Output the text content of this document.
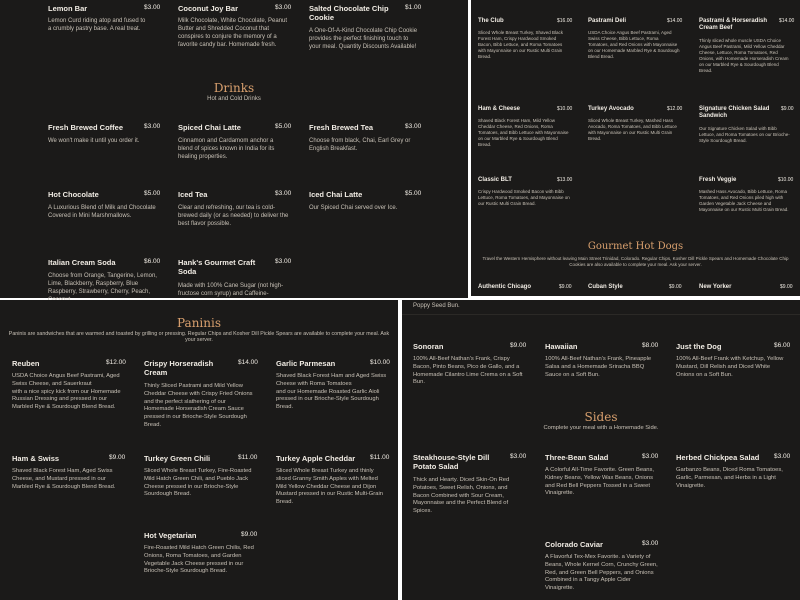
Drinks
Hot and Cold Drinks
Lemon Bar	$3.00
Lemon Curd riding atop and fused to a crumbly pastry base. A real treat.
Coconut Joy Bar	$3.00
Milk Chocolate, White Chocolate, Peanut Butter and Shredded Coconut that conspires to conjure the memory of a favorite candy bar. Homemade fresh.
Salted Chocolate Chip Cookie
$1.00
A One-Of-A-Kind Chocolate Chip Cookie provides the perfect finishing touch to your meal. Quantity Discounts Available!
Fresh Brewed Coffee	$3.00
We won't make it until you order it.
Spiced Chai Latte	$5.00
Cinnamon and Cardamom anchor a blend of spices known in India for its healing properties.
Fresh Brewed Tea	$3.00
Choose from black, Chai, Earl Grey or English Breakfast.
Hot Chocolate	$5.00
A Luxurious Blend of Milk and Chocolate Covered in Mini Marshmallows.
Iced Tea	$3.00
Clear and refreshing, our tea is cold-brewed daily (or as needed) to deliver the best flavor possible.
Iced Chai Latte	$5.00
Our Spiced Chai served over Ice.
Italian Cream Soda	$6.00
Choose from Orange, Tangerine, Lemon, Lime, Blackberry, Raspberry, Blue Raspberry, Strawberry, Cherry, Peach,
Hank's Gourmet Craft Soda
$3.00
Made with 100% Cane Sugar (not high-fructose corn syrup) and Caffeine-
Gourmet Hot Dogs
Travel the Western Hemisphere without leaving Main Street Trinidad, Colorado. Regular Chips, Kosher Dill Pickle Spears and Homemade Chocolate Chip Cookies are also available to complete your meal. Ask your server.
The Club	$16.00
Sliced Whole Breast Turkey, Shaved Black Forest Ham, Crispy Hardwood Smoked Bacon, Bibb Lettuce, and Roma Tomatoes with Mayonnaise on our Rustic Multi Grain Bread.
Pastrami Deli	$14.00
USDA Choice Angus Beef Pastrami, Aged Swiss Cheese, Bibb Lettuce, Roma Tomatoes, and Red Onions with Mayonnaise on our Homemade Marbled Rye & Sourdough Blend Bread.
Pastrami & Horseradish Cream Beef
$14.00
Thinly sliced whole muscle USDA Choice Angus Beef Pastrami, Mild Yellow Cheddar Cheese, Lettuce, Roma Tomatoes, Red Onions, with Homemade Horseradish Cream on our Marbled Rye & Sourdough Blend Bread.
Ham & Cheese	$10.00
Shaved Black Forest Ham, Mild Yellow Cheddar Cheese, Red Onions, Roma Tomatoes, and Bibb Lettuce with Mayonnaise on our Marbled Rye & Sourdough Blend Bread.
Turkey Avocado	$12.00
Sliced Whole Breast Turkey, Mashed Hass Avocado, Roma Tomatoes, and Bibb Lettuce with Mayonnaise on our Rustic Multi Grain Bread.
Signature Chicken Salad Sandwich
$9.00
Our Signature Chicken Salad with Bibb Lettuce, and Roma Tomatoes on our Brioche-Style Sourdough Bread.
Classic BLT	$13.00
Crispy Hardwood Smoked Bacon with Bibb Lettuce, Roma Tomatoes, and Mayonnaise on our Rustic Multi Grain Bread.
Fresh Veggie	$10.00
Mashed Hass Avocado, Bibb Lettuce, Roma Tomatoes, and Red Onions piled high with Garden Vegetable Jack Cheese and Mayonnaise on our Rustic Multi Grain Bread.
Authentic Chicago	$9.00	Cuban Style	$9.00	New Yorker	$9.00
Paninis
Paninis are sandwiches that are warmed and toasted by grilling or pressing. Regular Chips and Kosher Dill Pickle Spears are available to complete your meal. Ask your server.
Reuben	$12.00
USDA Choice Angus Beef Pastrami, Aged Swiss Cheese, and Sauerkraut
with a nice spicy kick from our Homemade Russian Dressing and pressed in our Marbled Rye & Sourdough Blend Bread.
Crispy Horseradish Cream
$14.00
Thinly Sliced Pastrami and Mild Yellow Cheddar Cheese with Crispy Fried Onions and the perfect slathering of our Homemade Horseradish Cream Sauce pressed in our Brioche-Style Sourdough Bread.
Garlic Parmesan	$10.00
Shaved Black Forest Ham and Aged Swiss Cheese with Roma Tomatoes
and our Homemade Roasted Garlic Aioli pressed in our Brioche-Style Sourdough Bread.
Ham & Swiss	$9.00
Shaved Black Forest Ham, Aged Swiss Cheese, and Mustard pressed in our Marbled Rye & Sourdough Blend Bread.
Turkey Green Chili	$11.00
Sliced Whole Breast Turkey, Fire-Roasted Mild Hatch Green Chili, and Pueblo Jack Cheese pressed in our Brioche-Style Sourdough Bread.
Turkey Apple Cheddar	$11.00
Sliced Whole Breast Turkey and thinly sliced Granny Smith Apples with Melted Mild Yellow Cheddar Cheese and Dijon Mustard pressed in our Rustic Multi-Grain Bread.
Hot Vegetarian	$9.00
Fire-Roasted Mild Hatch Green Chilis, Red Onions, Roma Tomatoes, and Garden Vegetable Jack Cheese pressed in our Brioche-Style Sourdough Bread.
Poppy Seed Bun.
Sides
Complete your meal with a Homemade Side.
Sonoran	$9.00
100% All-Beef Nathan's Frank, Crispy Bacon, Pinto Beans, Pico de Gallo, and a Homemade Cilantro Lime Crema on a Soft Bun.
Hawaiian	$8.00
100% All-Beef Nathan's Frank, Pineapple Salsa and a Homemade Sriracha BBQ Sauce on a Soft Bun.
Just the Dog	$6.00
100% All-Beef Frank with Ketchup, Yellow Mustard, Dill Relish and Diced White Onions on a Soft Bun.
Steakhouse-Style Dill Potato Salad
$3.00
Thick and Hearty. Diced Skin-On Red Potatoes, Sweet Relish, Onions, and Bacon Combined with Sour Cream, Mayonnaise and the Perfect Blend of Spices.
Three-Bean Salad	$3.00
A Colorful All-Time Favorite. Green Beans, Kidney Beans, Yellow Wax Beans, Onions and Red Bell Peppers Tossed in a Sweet Vinaigrette.
Herbed Chickpea Salad	$3.00
Garbanzo Beans, Diced Roma Tomatoes, Garlic, Parmesan, and Herbs in a Light Vinaigrette.
Colorado Caviar	$3.00
A Flavorful Tex-Mex Favorite. a Variety of Beans, Whole Kernel Corn, Crunchy Green, Red, and Green Bell Peppers, and Onions Combined in a Tangy Apple Cider Vinaigrette.
